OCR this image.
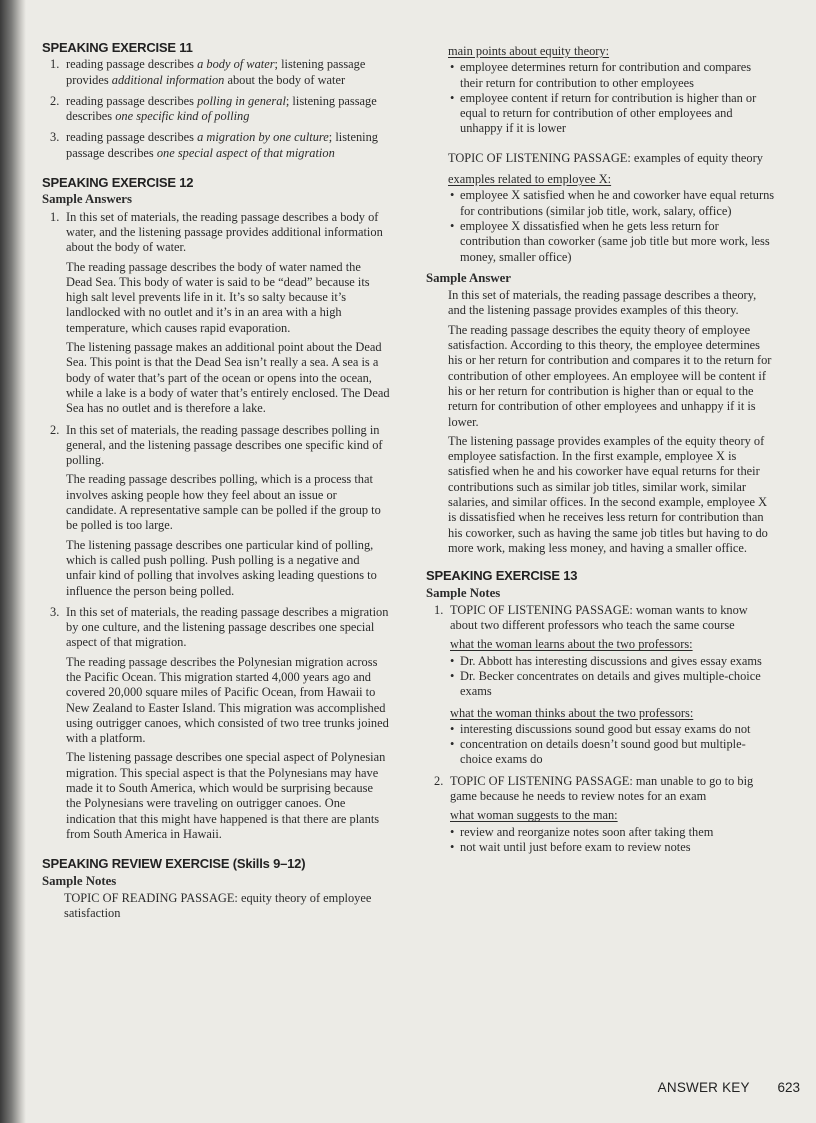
SPEAKING EXERCISE 11
1. reading passage describes a body of water; listening passage provides additional information about the body of water
2. reading passage describes polling in general; listening passage describes one specific kind of polling
3. reading passage describes a migration by one culture; listening passage describes one special aspect of that migration
SPEAKING EXERCISE 12
Sample Answers
1. In this set of materials, the reading passage describes a body of water, and the listening passage provides additional information about the body of water.

The reading passage describes the body of water named the Dead Sea. This body of water is said to be “dead” because its high salt level prevents life in it. It’s so salty because it’s landlocked with no outlet and it’s in an area with a high temperature, which causes rapid evaporation.

The listening passage makes an additional point about the Dead Sea. This point is that the Dead Sea isn’t really a sea. A sea is a body of water that’s part of the ocean or opens into the ocean, while a lake is a body of water that’s entirely enclosed. The Dead Sea has no outlet and is therefore a lake.

2. In this set of materials, the reading passage describes polling in general, and the listening passage describes one specific kind of polling.

The reading passage describes polling, which is a process that involves asking people how they feel about an issue or candidate. A representative sample can be polled if the group to be polled is too large.

The listening passage describes one particular kind of polling, which is called push polling. Push polling is a negative and unfair kind of polling that involves asking leading questions to influence the person being polled.

3. In this set of materials, the reading passage describes a migration by one culture, and the listening passage describes one special aspect of that migration.

The reading passage describes the Polynesian migration across the Pacific Ocean. This migration started 4,000 years ago and covered 20,000 square miles of Pacific Ocean, from Hawaii to New Zealand to Easter Island. This migration was accomplished using outrigger canoes, which consisted of two tree trunks joined with a platform.

The listening passage describes one special aspect of Polynesian migration. This special aspect is that the Polynesians may have made it to South America, which would be surprising because the Polynesians were traveling on outrigger canoes. One indication that this might have happened is that there are plants from South America in Hawaii.

SPEAKING REVIEW EXERCISE (Skills 9–12)
Sample Notes

TOPIC OF READING PASSAGE: equity theory of employee satisfaction

main points about equity theory:
• employee determines return for contribution and compares their return for contribution to other employees
• employee content if return for contribution is higher than or equal to return for contribution of other employees and unhappy if it is lower

TOPIC OF LISTENING PASSAGE: examples of equity theory

examples related to employee X:
• employee X satisfied when he and coworker have equal returns for contributions (similar job title, work, salary, office)
• employee X dissatisfied when he gets less return for contribution than coworker (same job title but more work, less money, smaller office)
Sample Answer

In this set of materials, the reading passage describes a theory, and the listening passage provides examples of this theory.

The reading passage describes the equity theory of employee satisfaction. According to this theory, the employee determines his or her return for contribution and compares it to the return for contribution of other employees. An employee will be content if his or her return for contribution is higher than or equal to the return for contribution of other employees and unhappy if it is lower.

The listening passage provides examples of the equity theory of employee satisfaction. In the first example, employee X is satisfied when he and his coworker have equal returns for their contributions such as similar job titles, similar work, similar salaries, and similar offices. In the second example, employee X is dissatisfied when he receives less return for contribution than his coworker, such as having the same job titles but having to do more work, making less money, and having a smaller office.

SPEAKING EXERCISE 13
Sample Notes
1. TOPIC OF LISTENING PASSAGE: woman wants to know about two different professors who teach the same course

what the woman learns about the two professors:
• Dr. Abbott has interesting discussions and gives essay exams
• Dr. Becker concentrates on details and gives multiple-choice exams
what the woman thinks about the two professors:
• interesting discussions sound good but essay exams do not
• concentration on details doesn’t sound good but multiple-choice exams do
2. TOPIC OF LISTENING PASSAGE: man unable to go to big game because he needs to review notes for an exam

what woman suggests to the man:
• review and reorganize notes soon after taking them
• not wait until just before exam to review notes
ANSWER KEY 623
